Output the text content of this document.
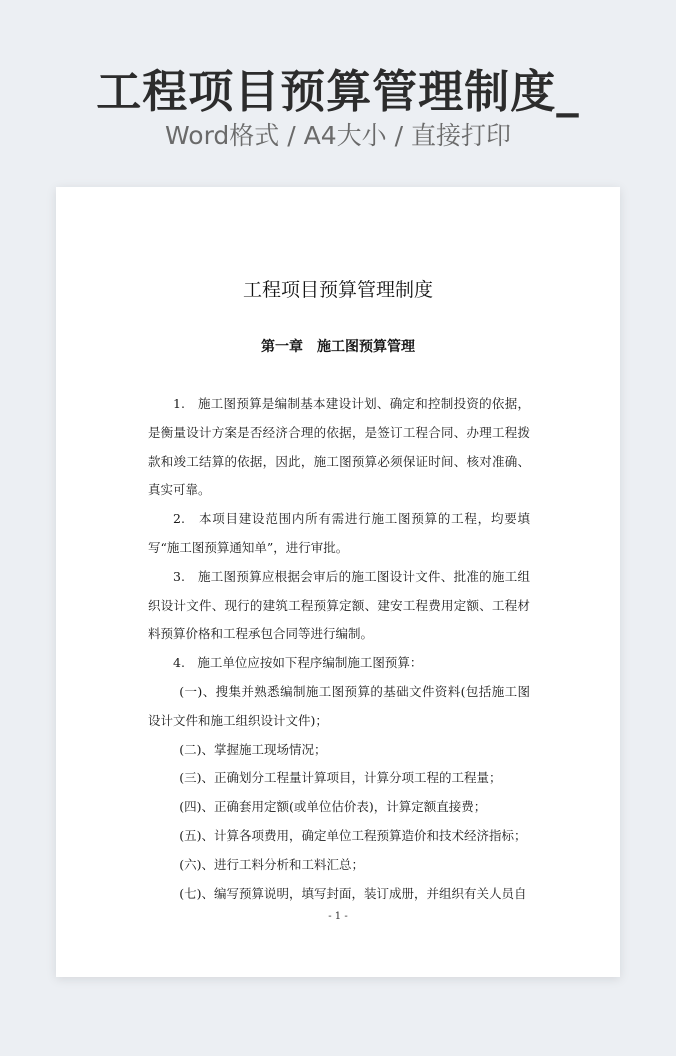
工程项目预算管理制度_
Word格式 / A4大小 / 直接打印
工程项目预算管理制度
第一章　施工图预算管理

1.　施工图预算是编制基本建设计划、确定和控制投资的依据，是衡量设计方案是否经济合理的依据，是签订工程合同、办理工程拨款和竣工结算的依据，因此，施工图预算必须保证时间、核对准确、真实可靠。

2.　本项目建设范围内所有需进行施工图预算的工程，均要填写“施工图预算通知单”，进行审批。

3.　施工图预算应根据会审后的施工图设计文件、批准的施工组织设计文件、现行的建筑工程预算定额、建安工程费用定额、工程材料预算价格和工程承包合同等进行编制。

4.　施工单位应按如下程序编制施工图预算：

(一)、搜集并熟悉编制施工图预算的基础文件资料(包括施工图设计文件和施工组织设计文件)；

(二)、掌握施工现场情况；

(三)、正确划分工程量计算项目，计算分项工程的工程量；

(四)、正确套用定额(或单位估价表)，计算定额直接费；

(五)、计算各项费用，确定单位工程预算造价和技术经济指标；

(六)、进行工料分析和工料汇总；

(七)、编写预算说明，填写封面，装订成册，并组织有关人员自

- 1 -
